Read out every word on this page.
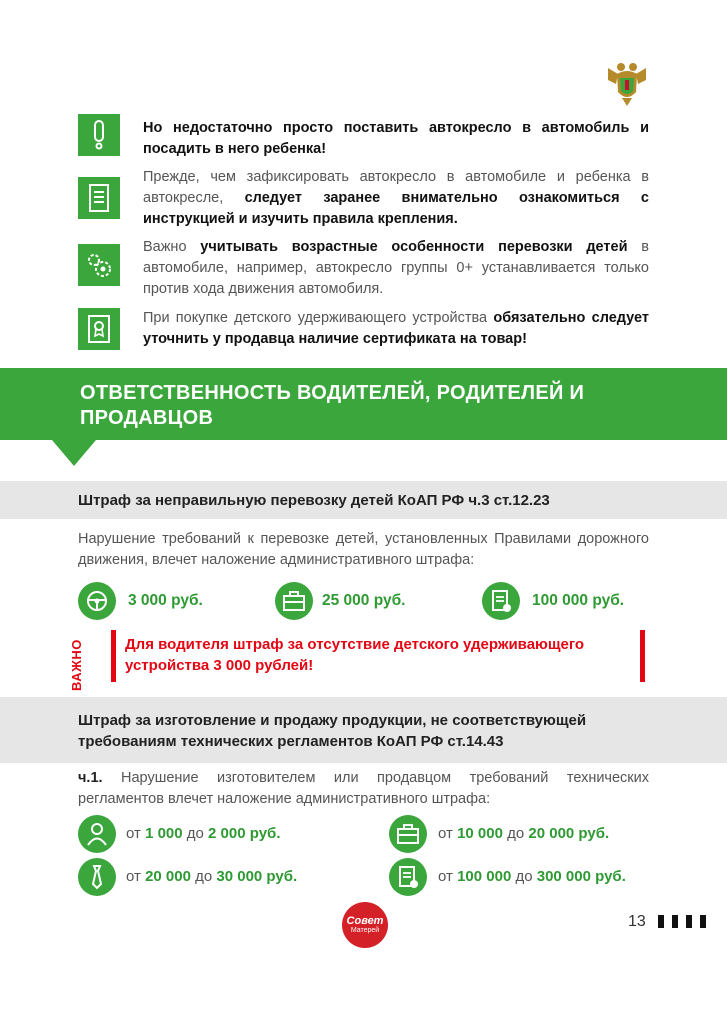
Но недостаточно просто поставить автокресло в автомобиль и посадить в него ребенка!
Прежде, чем зафиксировать автокресло в автомобиле и ребенка в автокресле, следует заранее внимательно ознакомиться с инструкцией и изучить правила крепления.
Важно учитывать возрастные особенности перевозки детей в автомобиле, например, автокресло группы 0+ устанавливается только против хода движения автомобиля.
При покупке детского удерживающего устройства обязательно следует уточнить у продавца наличие сертификата на товар!
ОТВЕТСТВЕННОСТЬ ВОДИТЕЛЕЙ, РОДИТЕЛЕЙ И ПРОДАВЦОВ
Штраф за неправильную перевозку детей КоАП РФ ч.3 ст.12.23
Нарушение требований к перевозке детей, установленных Правилами дорожного движения, влечет наложение административного штрафа:
3 000 руб.	25 000 руб.	100 000 руб.
ВАЖНО	Для водителя штраф за отсутствие детского удерживающего устройства 3 000 рублей!
Штраф за изготовление и продажу продукции, не соответствующей требованиям технических регламентов КоАП РФ ст.14.43
ч.1. Нарушение изготовителем или продавцом требований технических регламентов влечет наложение административного штрафа:
от 1 000 до 2 000 руб.	от 10 000 до 20 000 руб.
от 20 000 до 30 000 руб.	от 100 000 до 300 000 руб.
Совет
Матерей
13
